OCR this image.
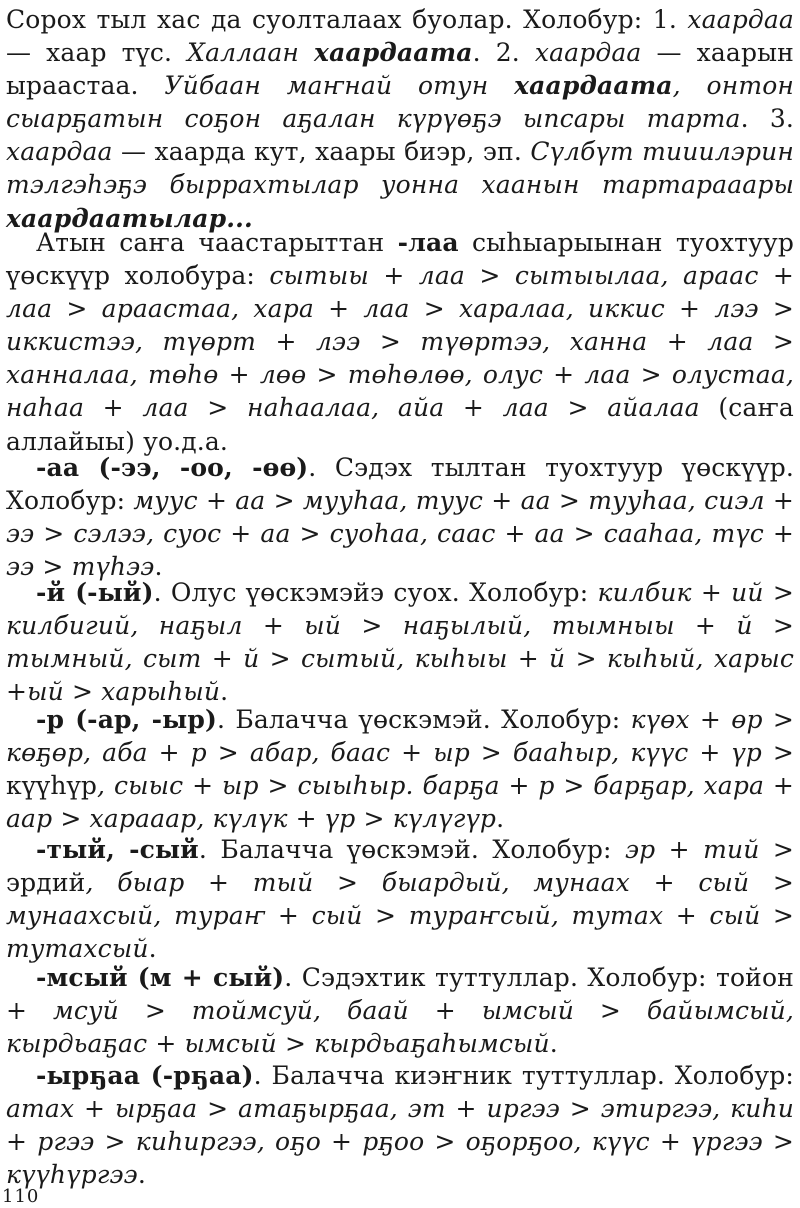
Сорох тыл хас да суолталаах буолар. Холобур: 1. хаардаа — хаар түс. Халлаан хаардаата. 2. хаардаа — хаарын ыраастаа. Уйбаан маҥнай отун хаардаата, онтон сыарҕатын соҕон аҕалан күрүөҕэ ыпсары тарта. 3. хаардаа — хаарда кут, хаары биэр, эп. Сүлбүт тииилэрин тэлгэһэҕэ быррахтылар уонна хаанын тартарааары хаардаатылар...

Атын саҥа чаастарыттан -лаа сыһыарыынан туохтуур үөскүүр холобура: сытыы + лаа > сытыылаа, араас + лаа > араастаа, хара + лаа > харалаа, иккис + лээ > иккистээ, түөрт + лээ > түөртээ, ханна + лаа > ханналаа, төһө + лөө > төһөлөө, олус + лаа > олустаа, наһаа + лаа > наһаалаа, айа + лаа > айалаа (саҥа аллайыы) уо.д.а.

-аа (-ээ, -оо, -өө). Сэдэх тылтан туохтуур үөскүүр. Холобур: муус + аа > мууһаа, туус + аа > тууһаа, сиэл + ээ > сэлээ, суос + аа > суоһаа, саас + аа > сааһаа, түс + ээ > түһээ.

-й (-ый). Олус үөскэмэйэ суох. Холобур: килбик + ий > килбигий, наҕыл + ый > наҕылый, тымныы + й > тымный, сыт + й > сытый, кыһыы + й > кыһый, харыс +ый > харыһый.

-р (-ар, -ыр). Балачча үөскэмэй. Холобур: күөх + өр > көҕөр, аба + р > абар, баас + ыр > бааһыр, күүс + үр > күүһүр, сыыс + ыр > сыыһыр. барҕа + р > барҕар, хара + аар > харaаар, күлүк + үр > күлүгүр.

-тый, -сый. Балачча үөскэмэй. Холобур: эр + тий > эрдий, быар + тый > быардый, мунаах + сый > мунаахсый, тураҥ + сый > тураҥсый, тутах + сый > тутахсый.

-мсый (м + сый). Сэдэхтик туттуллар. Холобур: тойон + мсуй > тоймсуй, баай + ымсый > байымсый, кырдьаҕас + ымсый > кырдьаҕаһымсый.

-ырҕаа (-рҕаа). Балачча киэҥник туттуллар. Холобур: атах + ырҕаа > атаҕырҕаа, эт + иргээ > этиргээ, киһи + ргээ > киһиргээ, оҕо + рҕоо > оҕорҕоо, күүс + үргээ > күүһүргээ.

110
